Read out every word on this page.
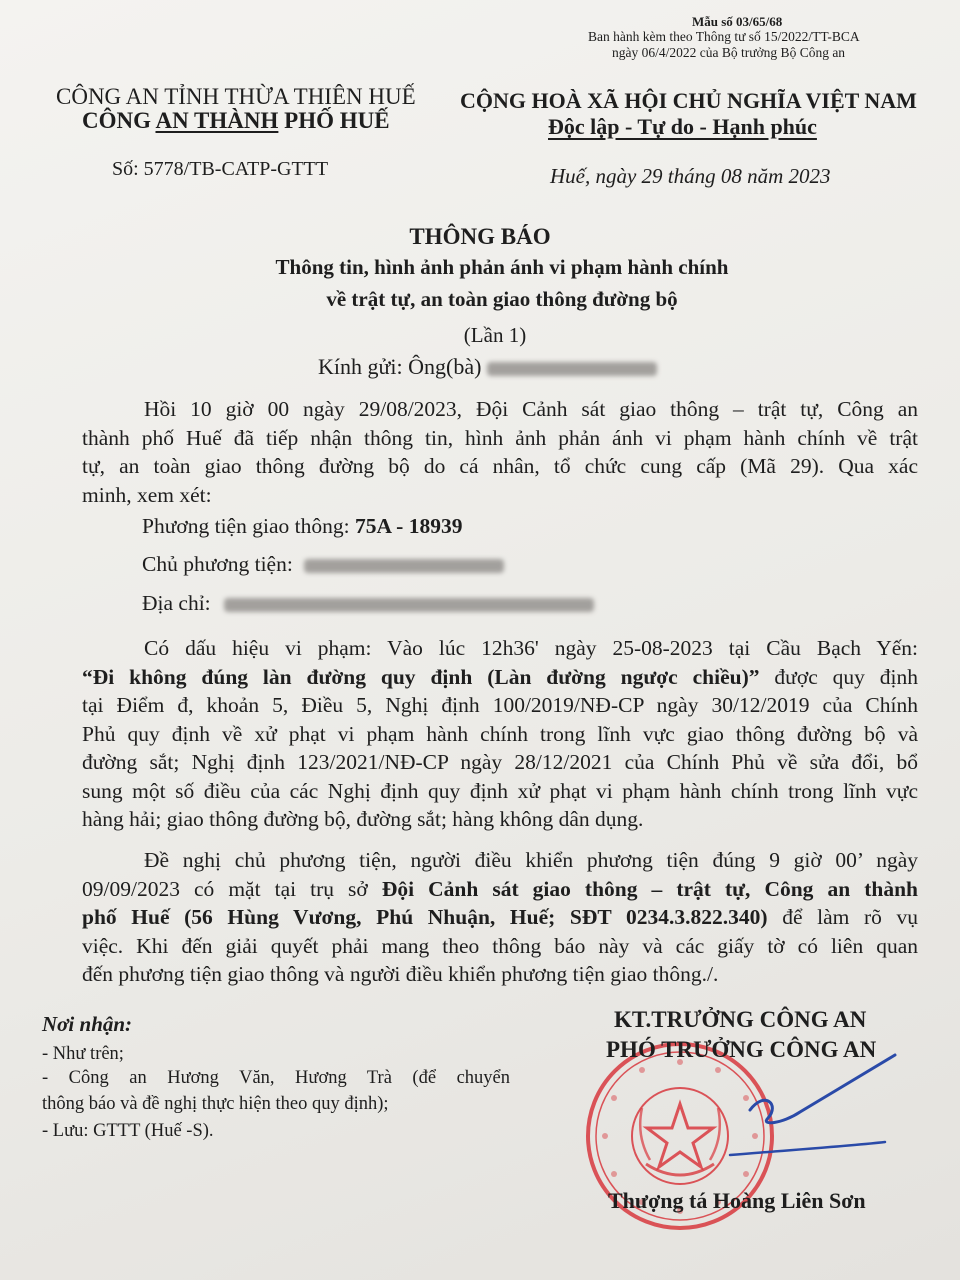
Mẫu số 03/65/68
Ban hành kèm theo Thông tư số 15/2022/TT-BCA
ngày 06/4/2022 của Bộ trưởng Bộ Công an
CÔNG AN TỈNH THỪA THIÊN HUẾ
CÔNG AN THÀNH PHỐ HUẾ
CỘNG HOÀ XÃ HỘI CHỦ NGHĨA VIỆT NAM
Độc lập - Tự do - Hạnh phúc
Số: 5778/TB-CATP-GTTT	Huế, ngày 29 tháng 08 năm 2023
THÔNG BÁO
Thông tin, hình ảnh phản ánh vi phạm hành chính
về trật tự, an toàn giao thông đường bộ
(Lần 1)
Kính gửi: Ông(bà)
Hồi 10 giờ 00 ngày 29/08/2023, Đội Cảnh sát giao thông – trật tự, Công an
thành phố Huế đã tiếp nhận thông tin, hình ảnh phản ánh vi phạm hành chính về trật
tự, an toàn giao thông đường bộ do cá nhân, tổ chức cung cấp (Mã 29). Qua xác
minh, xem xét:
Phương tiện giao thông: 75A - 18939
Chủ phương tiện:
Địa chỉ:
Có dấu hiệu vi phạm: Vào lúc 12h36' ngày 25-08-2023 tại Cầu Bạch Yến:
“Đi không đúng làn đường quy định (Làn đường ngược chiều)” được quy định
tại Điểm đ, khoản 5, Điều 5, Nghị định 100/2019/NĐ-CP ngày 30/12/2019 của Chính
Phủ quy định về xử phạt vi phạm hành chính trong lĩnh vực giao thông đường bộ và
đường sắt; Nghị định 123/2021/NĐ-CP ngày 28/12/2021 của Chính Phủ về sửa đổi, bổ
sung một số điều của các Nghị định quy định xử phạt vi phạm hành chính trong lĩnh vực
hàng hải; giao thông đường bộ, đường sắt; hàng không dân dụng.
Đề nghị chủ phương tiện, người điều khiển phương tiện đúng 9 giờ 00’ ngày
09/09/2023 có mặt tại trụ sở Đội Cảnh sát giao thông – trật tự, Công an thành
phố Huế (56 Hùng Vương, Phú Nhuận, Huế; SĐT 0234.3.822.340) để làm rõ vụ
việc. Khi đến giải quyết phải mang theo thông báo này và các giấy tờ có liên quan
đến phương tiện giao thông và người điều khiển phương tiện giao thông./.
Nơi nhận:
- Như trên;
- Công an Hương Văn, Hương Trà (để chuyển
thông báo và đề nghị thực hiện theo quy định);
- Lưu: GTTT (Huế -S).
KT.TRƯỞNG CÔNG AN
PHÓ TRƯỞNG CÔNG AN
Thượng tá Hoàng Liên Sơn
